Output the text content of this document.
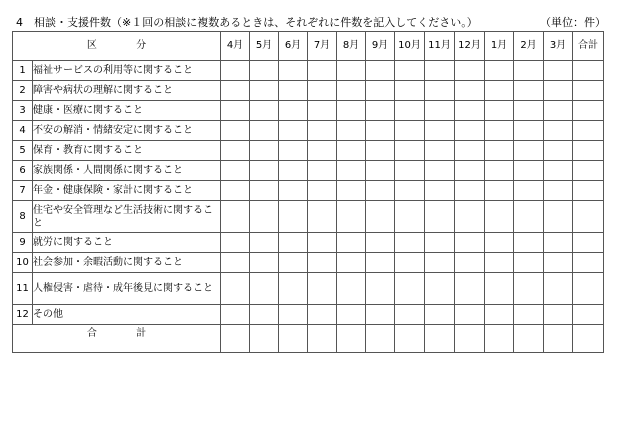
4 相談・支援件数（※１回の相談に複数あるときは、それぞれに件数を記入してください。）	（単位：件）
区 分		4月	5月	6月	7月	8月	9月	10月	11月	12月	1月	2月	3月	合計
1	福祉サービスの利用等に関すること													
2	障害や病状の理解に関すること													
3	健康・医療に関すること													
4	不安の解消・情緒安定に関すること													
5	保育・教育に関すること													
6	家族関係・人間関係に関すること													
7	年金・健康保険・家計に関すること													
8	住宅や安全管理など生活技術に関すること													
9	就労に関すること													
10	社会参加・余暇活動に関すること													
11	人権侵害・虐待・成年後見に関すること													
12	その他													
合 計														
